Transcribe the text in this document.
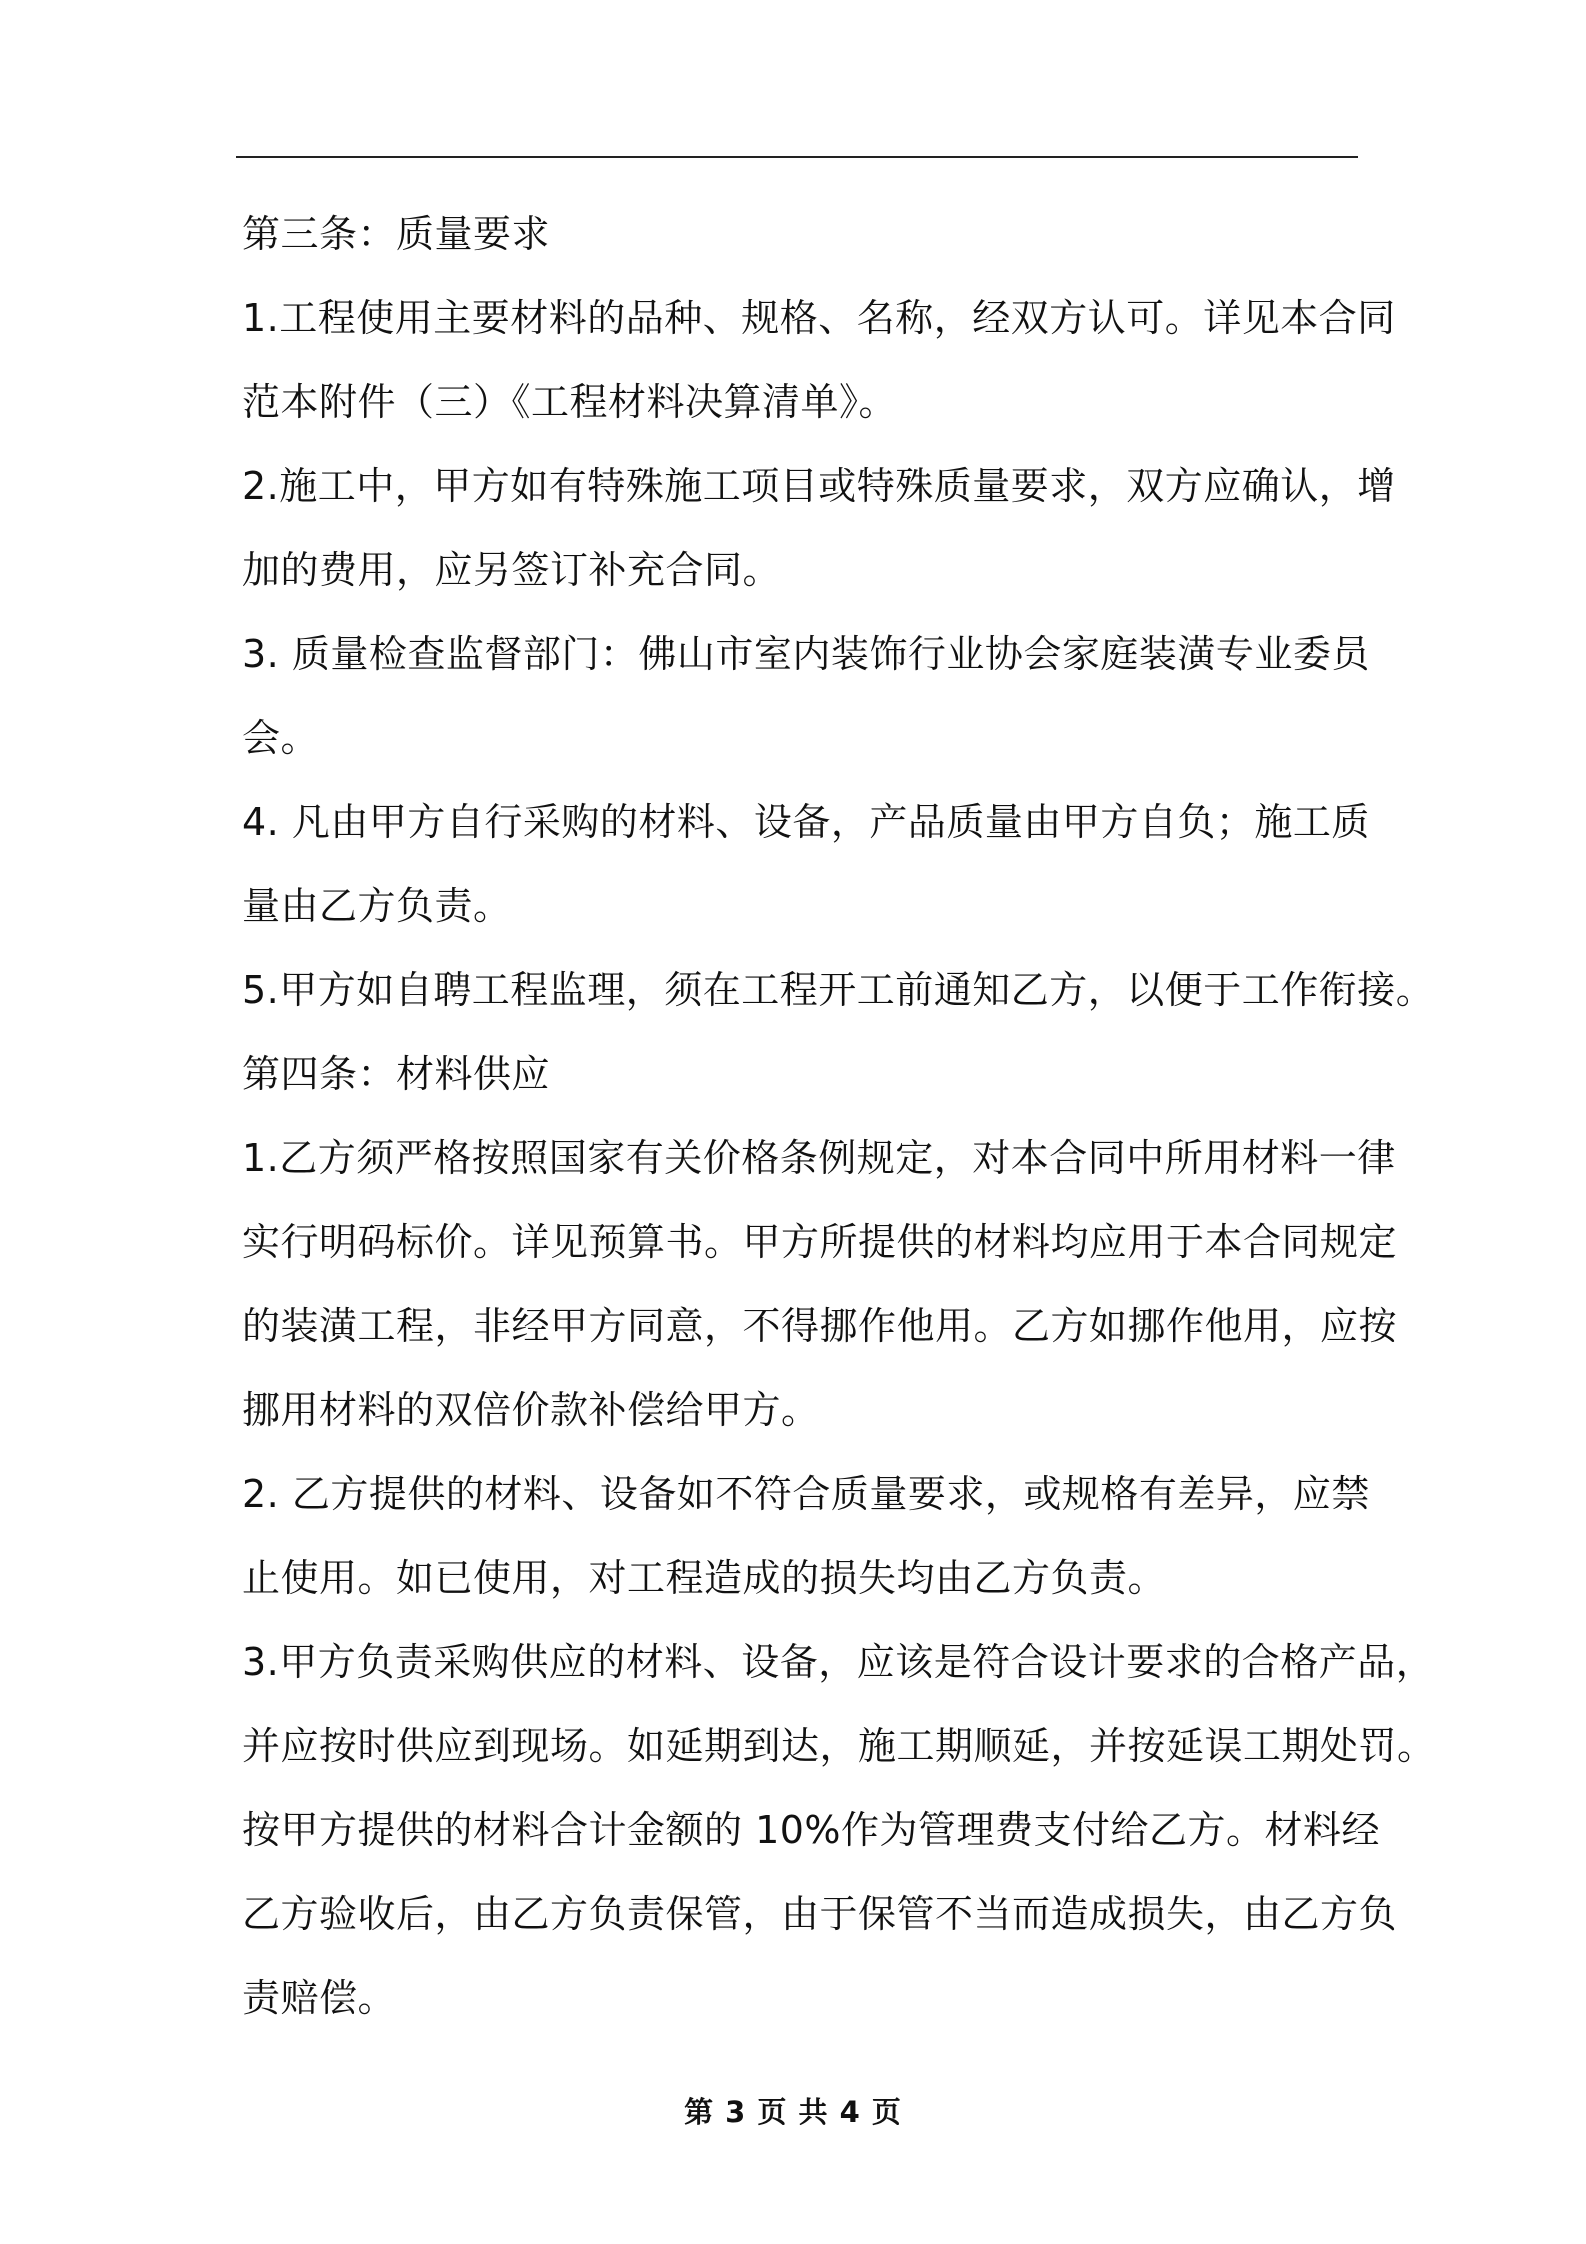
第三条：质量要求
1.工程使用主要材料的品种、规格、名称，经双方认可。详见本合同
范本附件（三）《工程材料决算清单》。
2.施工中，甲方如有特殊施工项目或特殊质量要求，双方应确认，增
加的费用，应另签订补充合同。
3. 质量检查监督部门：佛山市室内装饰行业协会家庭装潢专业委员
会。
4. 凡由甲方自行采购的材料、设备，产品质量由甲方自负；施工质
量由乙方负责。
5.甲方如自聘工程监理，须在工程开工前通知乙方，以便于工作衔接。
第四条：材料供应
1.乙方须严格按照国家有关价格条例规定，对本合同中所用材料一律
实行明码标价。详见预算书。甲方所提供的材料均应用于本合同规定
的装潢工程，非经甲方同意，不得挪作他用。乙方如挪作他用，应按
挪用材料的双倍价款补偿给甲方。
2. 乙方提供的材料、设备如不符合质量要求，或规格有差异，应禁
止使用。如已使用，对工程造成的损失均由乙方负责。
3.甲方负责采购供应的材料、设备，应该是符合设计要求的合格产品，
并应按时供应到现场。如延期到达，施工期顺延，并按延误工期处罚。
按甲方提供的材料合计金额的 10%作为管理费支付给乙方。材料经
乙方验收后，由乙方负责保管，由于保管不当而造成损失，由乙方负
责赔偿。
第 3 页 共 4 页
